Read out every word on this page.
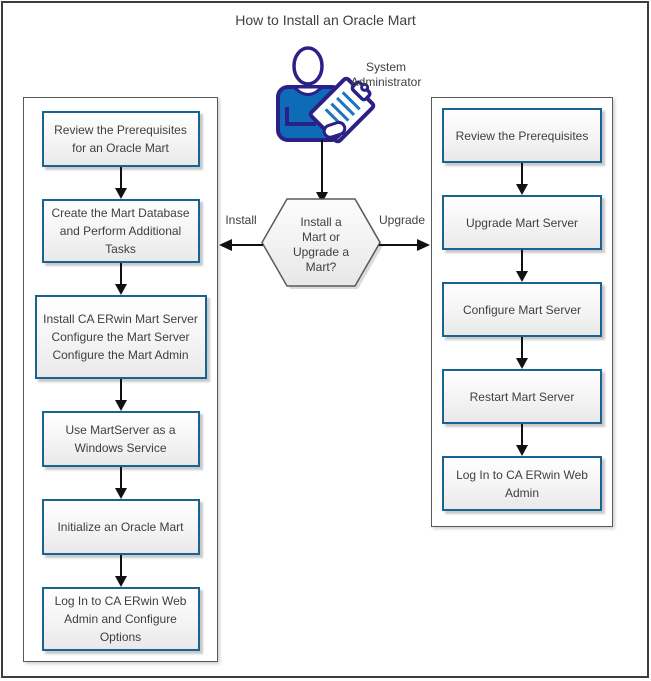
How to Install an Oracle Mart
System
Administrator
Install a
Mart or
Upgrade a
Mart?
Install	Upgrade
Review the Prerequisites
for an Oracle Mart
Create the Mart Database
and Perform Additional
Tasks
Install CA ERwin Mart Server
Configure the Mart Server
Configure the Mart Admin
Use MartServer as a
Windows Service
Initialize an Oracle Mart
Log In to CA ERwin Web
Admin and Configure
Options
Review the Prerequisites
Upgrade Mart Server
Configure Mart Server
Restart Mart Server
Log In to CA ERwin Web
Admin
